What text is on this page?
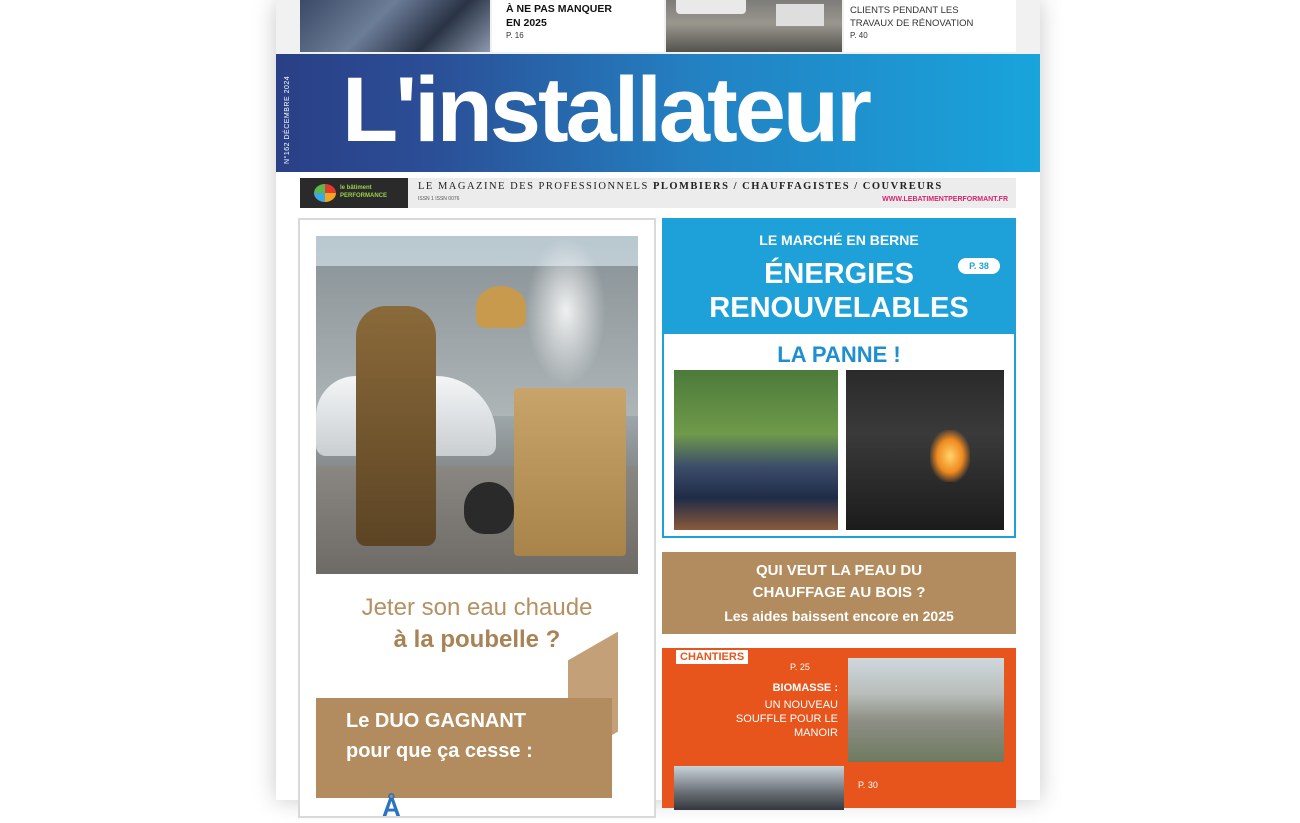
À NE PAS MANQUER
EN 2025
P. 16
CLIENTS PENDANT LES
TRAVAUX DE RÉNOVATION
P. 40
N°162 DÉCEMBRE 2024 L'installateur
le bâtiment PERFORMANCE
LE MAGAZINE DES PROFESSIONNELS PLOMBIERS / CHAUFFAGISTES / COUVREURS
ISSN 1 ISSN 0076	WWW.LEBATIMENTPERFORMANT.FR
Jeter son eau chaude
à la poubelle ?
Le DUO GAGNANT
pour que ça cesse :
Å
LE MARCHÉ EN BERNE
ÉNERGIES
RENOUVELABLES
P. 38
LA PANNE !
QUI VEUT LA PEAU DU
CHAUFFAGE AU BOIS ?
Les aides baissent encore en 2025
CHANTIERS
P. 25
BIOMASSE :
UN NOUVEAU SOUFFLE POUR LE MANOIR
P. 30
